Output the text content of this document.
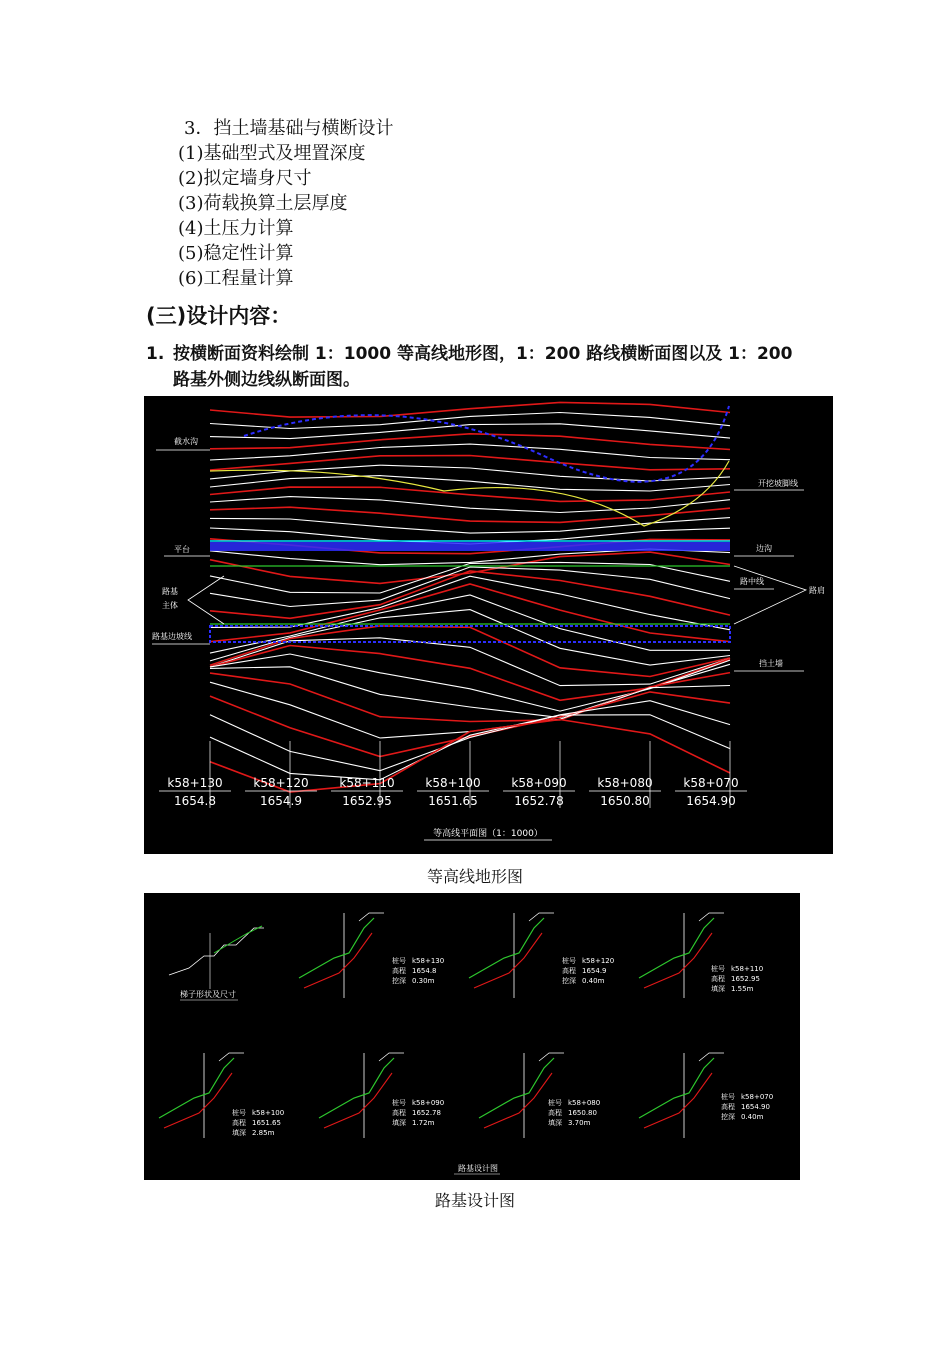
3．挡土墙基础与横断设计
(1)基础型式及埋置深度
(2)拟定墙身尺寸
(3)荷载换算土层厚度
(4)土压力计算
(5)稳定性计算
(6)工程量计算
(三)设计内容：
1. 按横断面资料绘制 1：1000 等高线地形图，1：200 路线横断面图以及 1：200
路基外侧边线纵断面图。
截水沟
平台
路基
主体
路基边坡线
开挖坡脚线
边沟
路中线
路肩
挡土墙
k58+130
1654.8
k58+120
1654.9
k58+110
1652.95
k58+100
1651.65
k58+090
1652.78
k58+080
1650.80
k58+070
1654.90
等高线平面图（1：1000）
等高线地形图
梯子形状及尺寸
桩号 k58+130
高程 1654.8
挖深 0.30m
桩号 k58+120
高程 1654.9
挖深 0.40m
桩号 k58+110
高程 1652.95
填深 1.55m
桩号 k58+100
高程 1651.65
填深 2.85m
桩号 k58+090
高程 1652.78
填深 1.72m
桩号 k58+080
高程 1650.80
填深 3.70m
桩号 k58+070
高程 1654.90
挖深 0.40m
路基设计图
路基设计图
